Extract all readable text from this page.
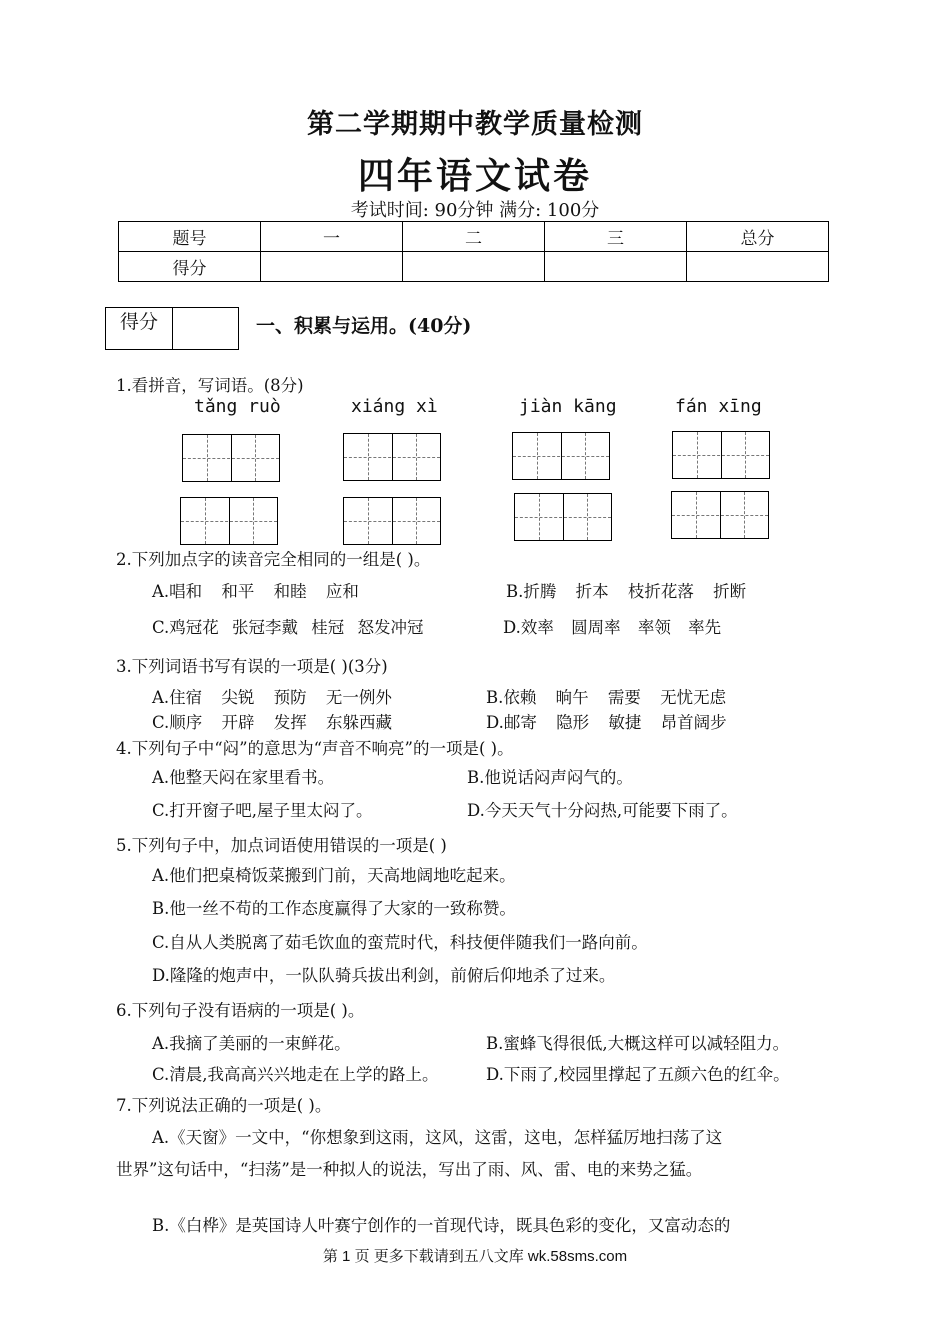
第二学期期中教学质量检测
四年语文试卷
考试时间: 90分钟 满分: 100分
题号	一	二	三	总分
得分				
得分	一、积累与运用。(40分)
1.看拼音，写词语。(8分)
tǎng ruò	xiáng xì	jiàn kāng	fán xīng
2.下列加点字的读音完全相同的一组是( )。
A.唱和 和平 和睦 应和	B.折腾 折本 枝折花落 折断
C.鸡冠花 张冠李戴 桂冠 怒发冲冠	D.效率 圆周率 率领 率先
3.下列词语书写有误的一项是( )(3分)
A.住宿 尖锐 预防 无一例外	B.依赖 晌午 需要 无忧无虑
C.顺序 开辟 发挥 东躲西藏	D.邮寄 隐形 敏捷 昂首阔步
4.下列句子中“闷”的意思为“声音不响亮”的一项是( )。
A.他整天闷在家里看书。	B.他说话闷声闷气的。
C.打开窗子吧,屋子里太闷了。	D.今天天气十分闷热,可能要下雨了。
5.下列句子中，加点词语使用错误的一项是( )
A.他们把桌椅饭菜搬到门前，天高地阔地吃起来。
B.他一丝不苟的工作态度赢得了大家的一致称赞。
C.自从人类脱离了茹毛饮血的蛮荒时代，科技便伴随我们一路向前。
D.隆隆的炮声中，一队队骑兵拔出利剑，前俯后仰地杀了过来。
6.下列句子没有语病的一项是( )。
A.我摘了美丽的一束鲜花。	B.蜜蜂飞得很低,大概这样可以减轻阻力。
C.清晨,我高高兴兴地走在上学的路上。	D.下雨了,校园里撑起了五颜六色的红伞。
7.下列说法正确的一项是( )。
A.《天窗》一文中，“你想象到这雨，这风，这雷，这电，怎样猛厉地扫荡了这
世界”这句话中，“扫荡”是一种拟人的说法，写出了雨、风、雷、电的来势之猛。
B.《白桦》是英国诗人叶赛宁创作的一首现代诗，既具色彩的变化，又富动态的
第 1 页 更多下载请到五八文库 wk.58sms.com
